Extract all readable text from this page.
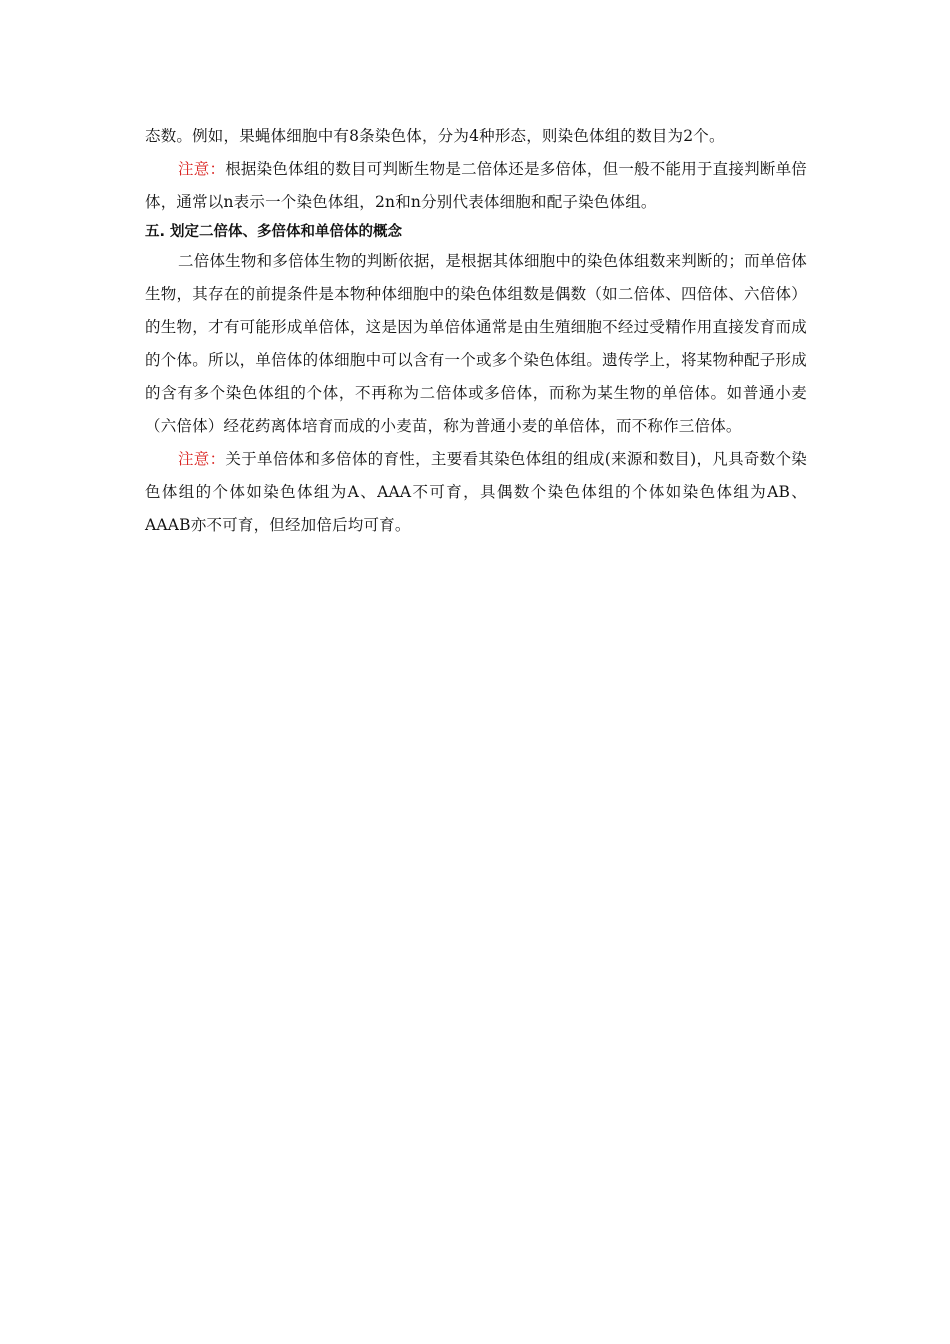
态数。例如，果蝇体细胞中有8条染色体，分为4种形态，则染色体组的数目为2个。

注意：根据染色体组的数目可判断生物是二倍体还是多倍体，但一般不能用于直接判断单倍体，通常以n表示一个染色体组，2n和n分别代表体细胞和配子染色体组。

五. 划定二倍体、多倍体和单倍体的概念

二倍体生物和多倍体生物的判断依据，是根据其体细胞中的染色体组数来判断的；而单倍体生物，其存在的前提条件是本物种体细胞中的染色体组数是偶数（如二倍体、四倍体、六倍体）的生物，才有可能形成单倍体，这是因为单倍体通常是由生殖细胞不经过受精作用直接发育而成的个体。所以，单倍体的体细胞中可以含有一个或多个染色体组。遗传学上，将某物种配子形成的含有多个染色体组的个体，不再称为二倍体或多倍体，而称为某生物的单倍体。如普通小麦（六倍体）经花药离体培育而成的小麦苗，称为普通小麦的单倍体，而不称作三倍体。

注意：关于单倍体和多倍体的育性，主要看其染色体组的组成(来源和数目)，凡具奇数个染色体组的个体如染色体组为A、AAA不可育，具偶数个染色体组的个体如染色体组为AB、AAAB亦不可育，但经加倍后均可育。
